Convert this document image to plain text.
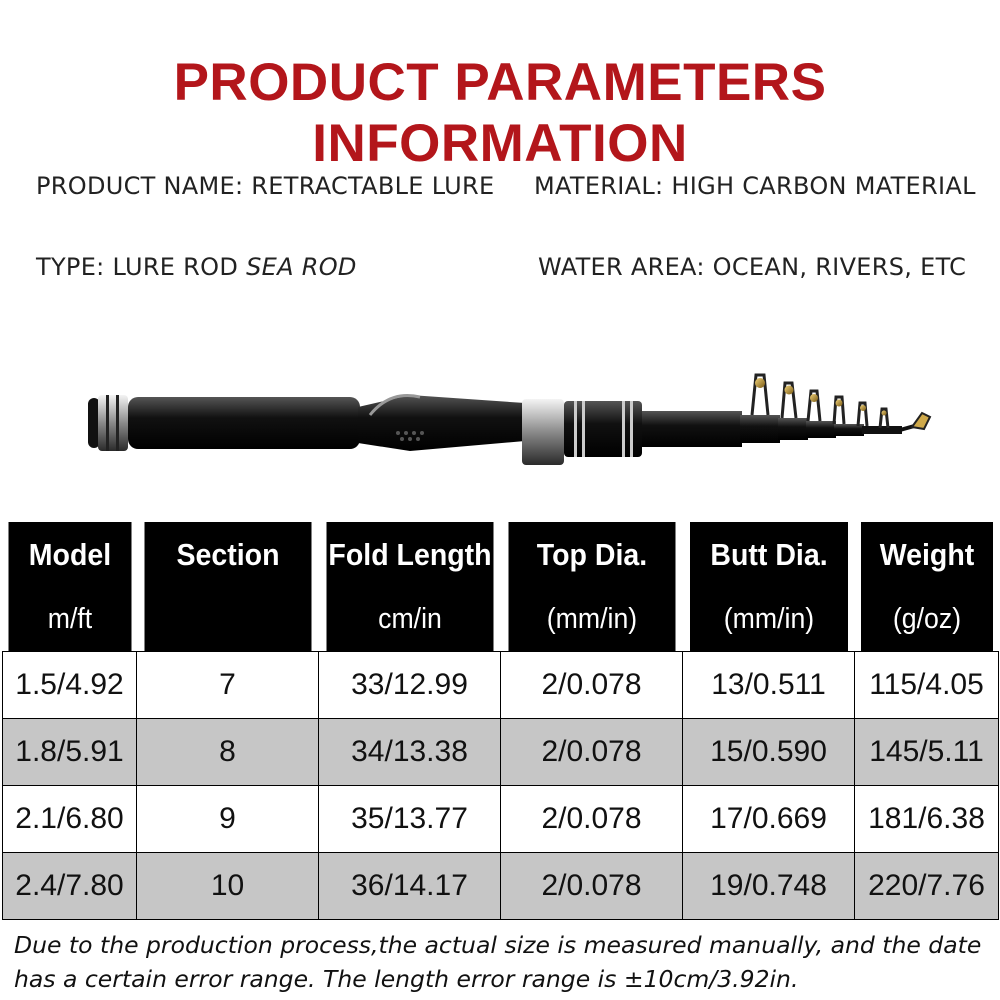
PRODUCT PARAMETERS INFORMATION
PRODUCT NAME: RETRACTABLE LURE MATERIAL: HIGH CARBON MATERIAL
TYPE: LURE ROD SEA ROD	WATER AREA: OCEAN, RIVERS, ETC
Model	Section	Fold Length	Top Dia.	Butt Dia.	Weight
m/ft		cm/in	(mm/in)	(mm/in)	(g/oz)
1.5/4.92	7	33/12.99	2/0.078	13/0.511	115/4.05
1.8/5.91	8	34/13.38	2/0.078	15/0.590	145/5.11
2.1/6.80	9	35/13.77	2/0.078	17/0.669	181/6.38
2.4/7.80	10	36/14.17	2/0.078	19/0.748	220/7.76
Due to the production process,the actual size is measured manually, and the date has a certain error range. The length error range is ±10cm/3.92in.
